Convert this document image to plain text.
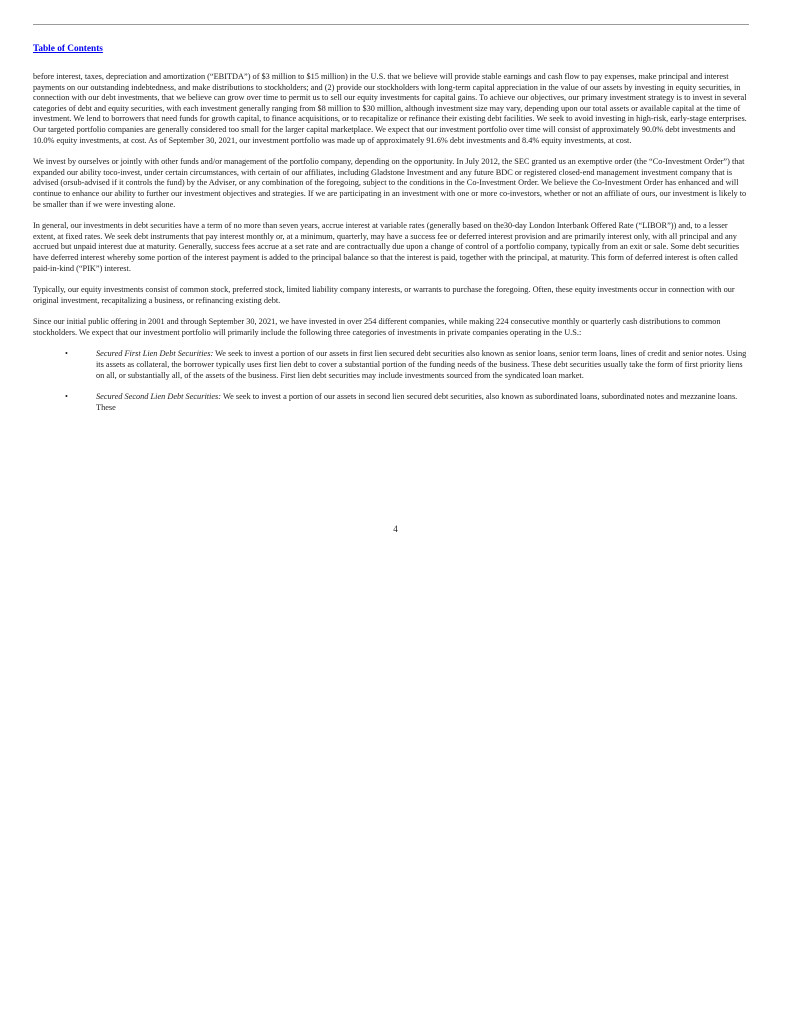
Table of Contents

before interest, taxes, depreciation and amortization (“EBITDA”) of $3 million to $15 million) in the U.S. that we believe will provide stable earnings and cash flow to pay expenses, make principal and interest payments on our outstanding indebtedness, and make distributions to stockholders; and (2) provide our stockholders with long-term capital appreciation in the value of our assets by investing in equity securities, in connection with our debt investments, that we believe can grow over time to permit us to sell our equity investments for capital gains. To achieve our objectives, our primary investment strategy is to invest in several categories of debt and equity securities, with each investment generally ranging from $8 million to $30 million, although investment size may vary, depending upon our total assets or available capital at the time of investment. We lend to borrowers that need funds for growth capital, to finance acquisitions, or to recapitalize or refinance their existing debt facilities. We seek to avoid investing in high-risk, early-stage enterprises. Our targeted portfolio companies are generally considered too small for the larger capital marketplace. We expect that our investment portfolio over time will consist of approximately 90.0% debt investments and 10.0% equity investments, at cost. As of September 30, 2021, our investment portfolio was made up of approximately 91.6% debt investments and 8.4% equity investments, at cost.

We invest by ourselves or jointly with other funds and/or management of the portfolio company, depending on the opportunity. In July 2012, the SEC granted us an exemptive order (the “Co-Investment Order”) that expanded our ability toco-invest, under certain circumstances, with certain of our affiliates, including Gladstone Investment and any future BDC or registered closed-end management investment company that is advised (orsub-advised if it controls the fund) by the Adviser, or any combination of the foregoing, subject to the conditions in the Co-Investment Order. We believe the Co-Investment Order has enhanced and will continue to enhance our ability to further our investment objectives and strategies. If we are participating in an investment with one or more co-investors, whether or not an affiliate of ours, our investment is likely to be smaller than if we were investing alone.

In general, our investments in debt securities have a term of no more than seven years, accrue interest at variable rates (generally based on the30-day London Interbank Offered Rate (“LIBOR”)) and, to a lesser extent, at fixed rates. We seek debt instruments that pay interest monthly or, at a minimum, quarterly, may have a success fee or deferred interest provision and are primarily interest only, with all principal and any accrued but unpaid interest due at maturity. Generally, success fees accrue at a set rate and are contractually due upon a change of control of a portfolio company, typically from an exit or sale. Some debt securities have deferred interest whereby some portion of the interest payment is added to the principal balance so that the interest is paid, together with the principal, at maturity. This form of deferred interest is often called paid-in-kind (“PIK”) interest.

Typically, our equity investments consist of common stock, preferred stock, limited liability company interests, or warrants to purchase the foregoing. Often, these equity investments occur in connection with our original investment, recapitalizing a business, or refinancing existing debt.

Since our initial public offering in 2001 and through September 30, 2021, we have invested in over 254 different companies, while making 224 consecutive monthly or quarterly cash distributions to common stockholders. We expect that our investment portfolio will primarily include the following three categories of investments in private companies operating in the U.S.:

•	Secured First Lien Debt Securities: We seek to invest a portion of our assets in first lien secured debt securities also known as senior loans, senior term loans, lines of credit and senior notes. Using its assets as collateral, the borrower typically uses first lien debt to cover a substantial portion of the funding needs of the business. These debt securities usually take the form of first priority liens on all, or substantially all, of the assets of the business. First lien debt securities may include investments sourced from the syndicated loan market.
•	Secured Second Lien Debt Securities: We seek to invest a portion of our assets in second lien secured debt securities, also known as subordinated loans, subordinated notes and mezzanine loans. These
4
